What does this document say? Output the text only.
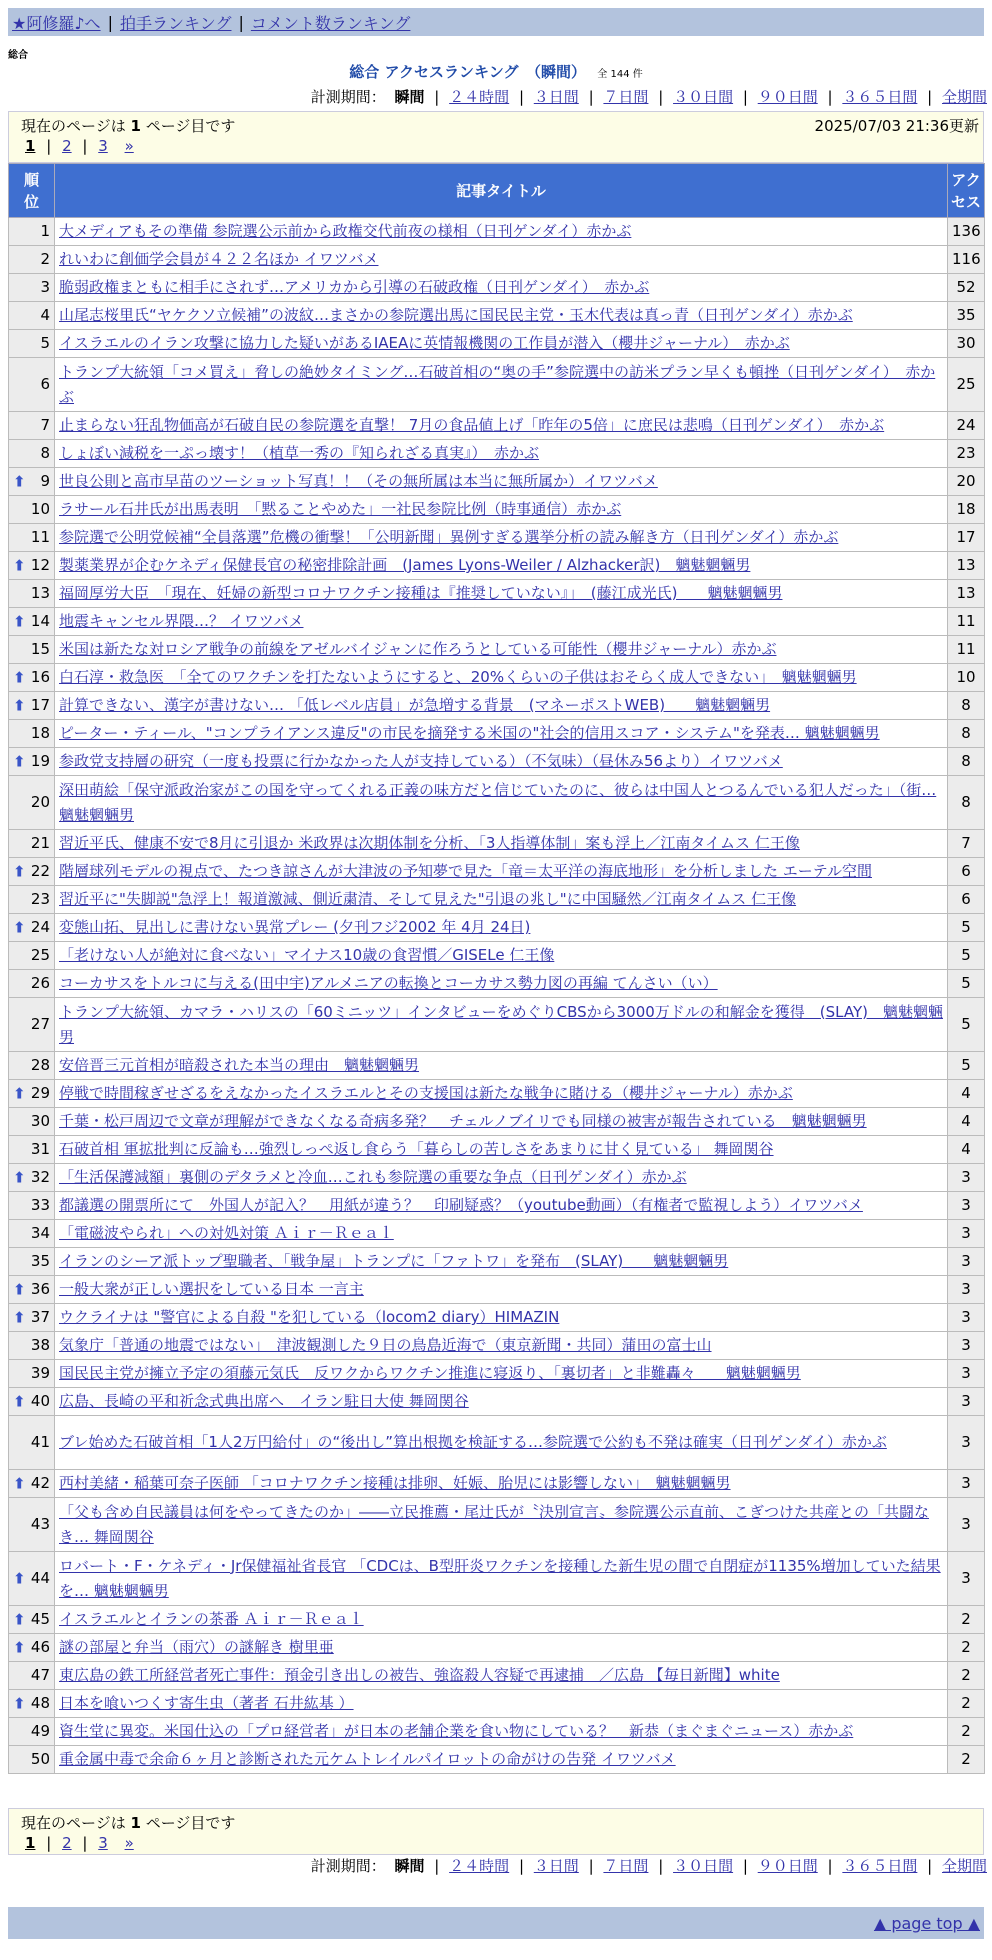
★阿修羅♪へ | 拍手ランキング | コメント数ランキング
総合
総合 アクセスランキング　（瞬間） 全 144 件
計測期間： 瞬間 | ２４時間 | ３日間 | ７日間 | ３０日間 | ９０日間 | ３６５日間 | 全期間
現在のページは 1 ページ目です	2025/07/03 21:36更新
1 | 2 | 3 »
順位	記事タイトル	アクセス
1	大メディアもその準備 参院選公示前から政権交代前夜の様相（日刊ゲンダイ）赤かぶ	136
2	れいわに創価学会員が４２２名ほか イワツバメ	116
3	脆弱政権まともに相手にされず…アメリカから引導の石破政権（日刊ゲンダイ）　赤かぶ	52
4	山尾志桜里氏“ヤケクソ立候補”の波紋…まさかの参院選出馬に国民民主党・玉木代表は真っ青（日刊ゲンダイ）赤かぶ	35
5	イスラエルのイラン攻撃に協力した疑いがあるIAEAに英情報機関の工作員が潜入（櫻井ジャーナル）　赤かぶ	30
6	トランプ大統領「コメ買え」脅しの絶妙タイミング…石破首相の“奥の手”参院選中の訪米プラン早くも頓挫（日刊ゲンダイ）　赤かぶ	25
7	止まらない狂乱物価高が石破自民の参院選を直撃！ 7月の食品値上げ「昨年の5倍」に庶民は悲鳴（日刊ゲンダイ）　赤かぶ	24
8	しょぼい減税を一ぷっ壊す！（植草一秀の『知られざる真実』）　赤かぶ	23

⬆ 9	世良公則と高市早苗のツーショット写真！！（その無所属は本当に無所属か）イワツバメ	20
10	ラサール石井氏が出馬表明　「黙ることやめた」一社民参院比例（時事通信）赤かぶ	18
11	参院選で公明党候補“全員落選”危機の衝撃！「公明新聞」異例すぎる選挙分析の読み解き方（日刊ゲンダイ）赤かぶ	17

⬆ 12	製薬業界が企むケネディ保健長官の秘密排除計画　(James Lyons-Weiler / Alzhacker訳)　魑魅魍魎男	13
13	福岡厚労大臣　「現在、妊婦の新型コロナワクチン接種は『推奨していない』」　(藤江成光氏)　　魑魅魍魎男	13

⬆ 14	地震キャンセル界隈…？ イワツバメ	11
15	米国は新たな対ロシア戦争の前線をアゼルバイジャンに作ろうとしている可能性（櫻井ジャーナル）赤かぶ	11

⬆ 16	白石淳・救急医　「全てのワクチンを打たないようにすると、20%くらいの子供はおそらく成人できない」　魑魅魍魎男	10

⬆ 17	計算できない、漢字が書けない… 「低レベル店員」が急増する背景　(マネーポストWEB)　　魑魅魍魎男	8
18	ピーター・ティール、"コンプライアンス違反"の市民を摘発する米国の"社会的信用スコア・システム"を発表… 魑魅魍魎男	8

⬆ 19	参政党支持層の研究（一度も投票に行かなかった人が支持している）（不気味）（昼休み56より）イワツバメ	8
20	深田萌絵「保守派政治家がこの国を守ってくれる正義の味方だと信じていたのに、彼らは中国人とつるんでいる犯人だった」（街… 魑魅魍魎男	8
21	習近平氏、健康不安で8月に引退か 米政界は次期体制を分析、「3人指導体制」案も浮上／江南タイムス 仁王像	7

⬆ 22	階層球列モデルの視点で、たつき諒さんが大津波の予知夢で見た「竜＝太平洋の海底地形」を分析しました エーテル空間	6
23	習近平に"失脚説"急浮上！報道激減、側近粛清、そして見えた"引退の兆し"に中国騒然／江南タイムス 仁王像	6

⬆ 24	変態山拓、見出しに書けない異常プレー (夕刊フジ2002 年 4月 24日)	5
25	「老けない人が絶対に食べない」マイナス10歳の食習慣／GISELe 仁王像	5
26	コーカサスをトルコに与える(田中宇)アルメニアの転換とコーカサス勢力図の再編 てんさい（い）	5
27	トランプ大統領、カマラ・ハリスの「60ミニッツ」インタビューをめぐりCBSから3000万ドルの和解金を獲得　(SLAY)　魑魅魍魎男	5
28	安倍晋三元首相が暗殺された本当の理由　魑魅魍魎男	5

⬆ 29	停戦で時間稼ぎせざるをえなかったイスラエルとその支援国は新たな戦争に賭ける（櫻井ジャーナル）赤かぶ	4
30	千葉・松戸周辺で文章が理解ができなくなる奇病多発？　チェルノブイリでも同様の被害が報告されている　魑魅魍魎男	4
31	石破首相 軍拡批判に反論も…強烈しっぺ返し食らう「暮らしの苦しさをあまりに甘く見ている」 舞岡関谷	4

⬆ 32	「生活保護減額」裏側のデタラメと冷血…これも参院選の重要な争点（日刊ゲンダイ）赤かぶ	3
33	都議選の開票所にて　外国人が記入？　用紙が違う？　印刷疑惑？（youtube動画）（有権者で監視しよう）イワツバメ	3
34	「電磁波やられ」への対処対策 Ａｉｒ－Ｒｅａｌ	3
35	イランのシーア派トップ聖職者、「戦争屋」トランプに「ファトワ」を発布　(SLAY)　　魑魅魍魎男	3

⬆ 36	一般大衆が正しい選択をしている日本 一言主	3

⬆ 37	ウクライナは "警官による自殺 "を犯している（locom2 diary）HIMAZIN	3
38	気象庁「普通の地震ではない」　津波観測した９日の鳥島近海で（東京新聞・共同）蒲田の富士山	3
39	国民民主党が擁立予定の須藤元気氏　反ワクからワクチン推進に寝返り、「裏切者」と非難轟々　　魑魅魍魎男	3

⬆ 40	広島、長崎の平和祈念式典出席へ　イラン駐日大使 舞岡関谷	3
41	ブレ始めた石破首相「1人2万円給付」の“後出し”算出根拠を検証する…参院選で公約も不発は確実（日刊ゲンダイ）赤かぶ	3

⬆ 42	西村美緒・稲葉可奈子医師 「コロナワクチン接種は排卵、妊娠、胎児には影響しない」　魑魅魍魎男	3
43	「父も含め自民議員は何をやってきたのか」――立民推薦・尾辻氏が〝決別宣言〟参院選公示直前、こぎつけた共産との「共闘なき… 舞岡関谷	3

⬆ 44	ロバート・F・ケネディ・Jr保健福祉省長官 「CDCは、B型肝炎ワクチンを接種した新生児の間で自閉症が1135%増加していた結果を… 魑魅魍魎男	3

⬆ 45	イスラエルとイランの茶番 Ａｉｒ－Ｒｅａｌ	2

⬆ 46	謎の部屋と弁当（雨穴）の謎解き 樹里亜	2
47	東広島の鉄工所経営者死亡事件：預金引き出しの被告、強盗殺人容疑で再逮捕　／広島 【毎日新聞】white	2

⬆ 48	日本を喰いつくす寄生虫（著者 石井紘基 ）	2
49	資生堂に異変。米国仕込の「プロ経営者」が日本の老舗企業を食い物にしている？　新恭（まぐまぐニュース）赤かぶ	2
50	重金属中毒で余命６ヶ月と診断された元ケムトレイルパイロットの命がけの告発 イワツバメ	2
現在のページは 1 ページ目です
1 | 2 | 3 »
計測期間： 瞬間 | ２４時間 | ３日間 | ７日間 | ３０日間 | ９０日間 | ３６５日間 | 全期間
▲ page top ▲
